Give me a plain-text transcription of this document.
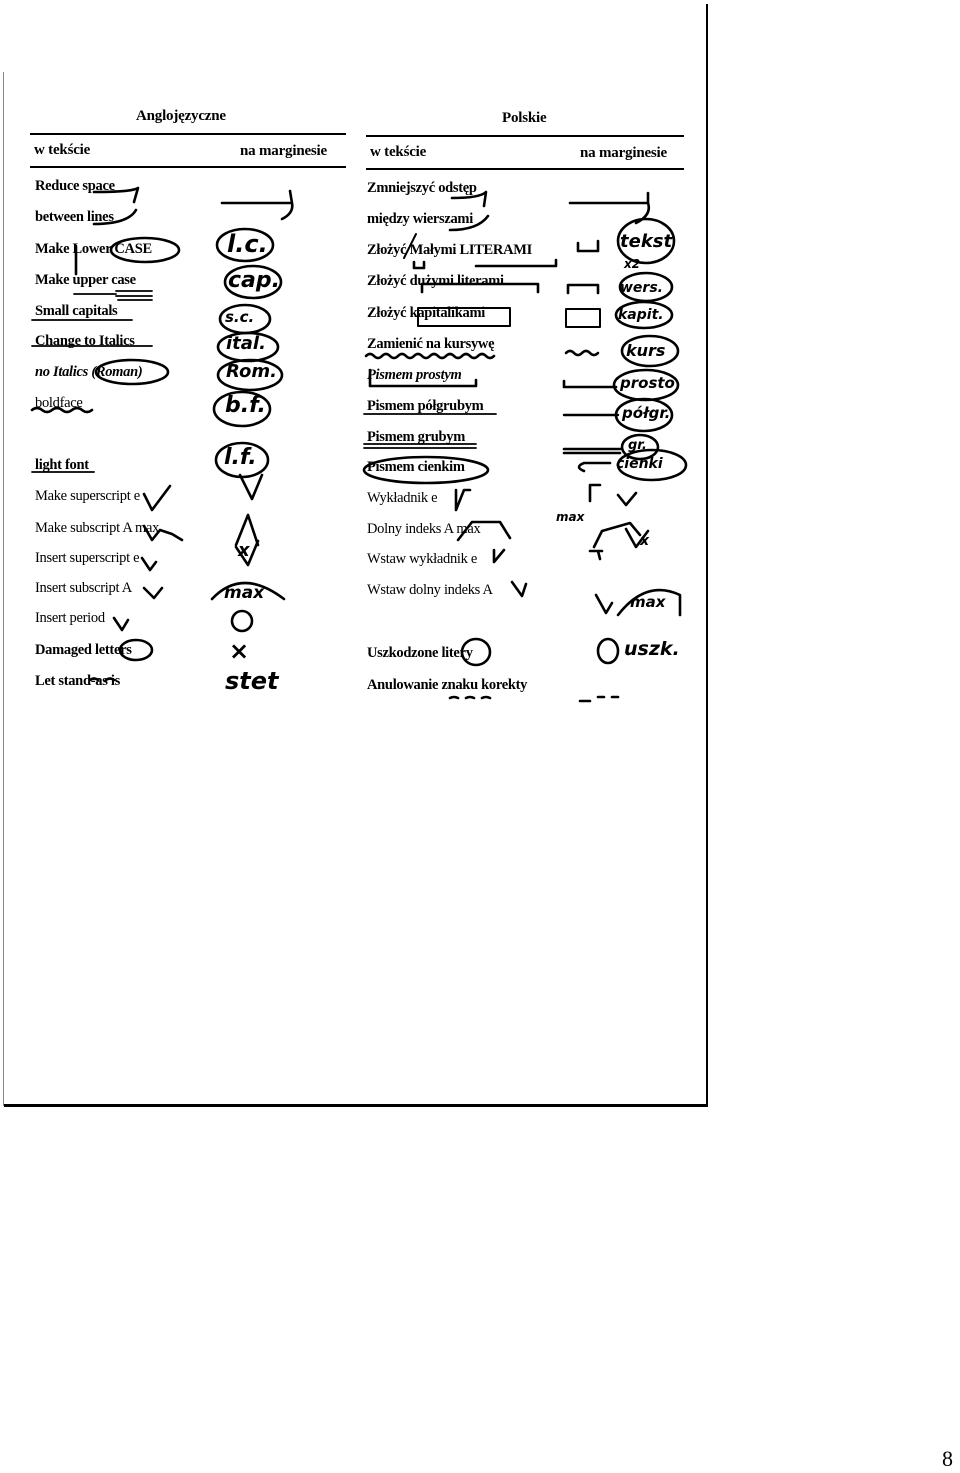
Anglojęzyczne
w tekście	na marginesie
Reduce space
between lines
Make Lower CASE
Make upper case
Small capitals
Change to Italics
no Italics (Roman)
boldface
light font
Make superscript e
Make subscript A max
Insert superscript e
Insert subscript A
Insert period
Damaged letters
Let stand-as is
l.c.
cap.
s.c.
ital.
Rom.
b.f.
l.f.
x
max
×
stet
Polskie
w tekście	na marginesie
Zmniejszyć odstęp
między wierszami
Złożyć Małymi LITERAMI
Złożyć dużymi literami
Złożyć kapitalikami
Zamienić na kursywę
Pismem prostym
Pismem półgrubym
Pismem grubym
Pismem cienkim
Wykładnik e
Dolny indeks A max
Wstaw wykładnik e
Wstaw dolny indeks A
Uszkodzone litery
Anulowanie znaku korekty
tekst
x2
wers.
kapit.
kurs
prosto
półgr.
gr.
cienki
max
x
max
uszk.
8
